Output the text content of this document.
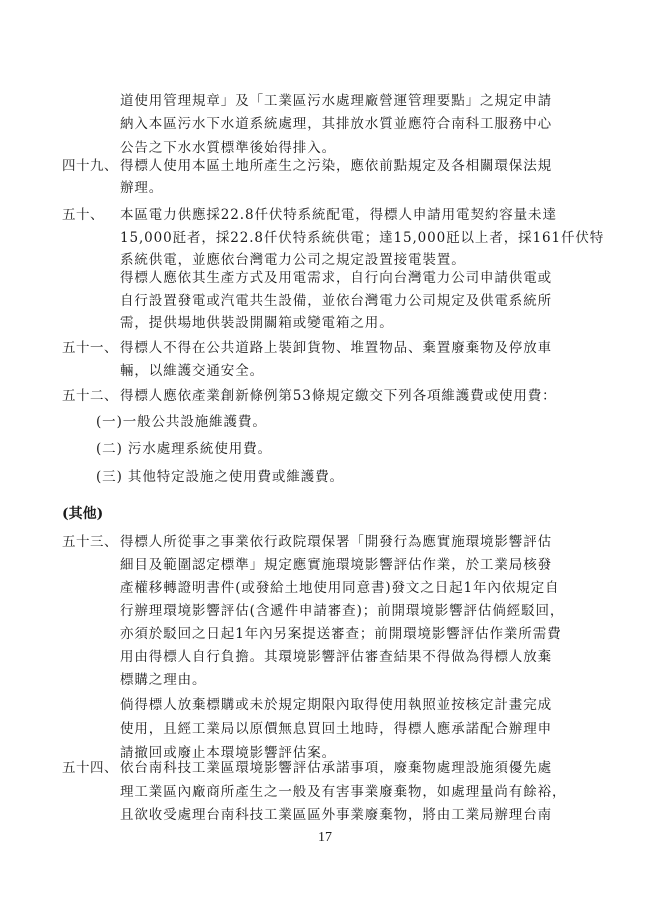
道使用管理規章」及「工業區污水處理廠營運管理要點」之規定申請
納入本區污水下水道系統處理，其排放水質並應符合南科工服務中心
公告之下水水質標準後始得排入。
四十九、 得標人使用本區土地所產生之污染，應依前點規定及各相關環保法規
辦理。
五十、 本區電力供應採22.8仟伏特系統配電，得標人申請用電契約容量未達
15,000瓩者，採22.8仟伏特系統供電；達15,000瓩以上者，採161仟伏特
系統供電，並應依台灣電力公司之規定設置接電裝置。
得標人應依其生產方式及用電需求，自行向台灣電力公司申請供電或
自行設置發電或汽電共生設備，並依台灣電力公司規定及供電系統所
需，提供場地供裝設開關箱或變電箱之用。
五十一、 得標人不得在公共道路上裝卸貨物、堆置物品、棄置廢棄物及停放車
輛，以維護交通安全。
五十二、 得標人應依產業創新條例第53條規定繳交下列各項維護費或使用費：
(一)一般公共設施維護費。
(二) 污水處理系統使用費。
(三) 其他特定設施之使用費或維護費。
(其他)
五十三、 得標人所從事之事業依行政院環保署「開發行為應實施環境影響評估
細目及範圍認定標準」規定應實施環境影響評估作業，於工業局核發
產權移轉證明書件(或發給土地使用同意書)發文之日起1年內依規定自
行辦理環境影響評估(含遞件申請審查)；前開環境影響評估倘經駁回，
亦須於駁回之日起1年內另案提送審查；前開環境影響評估作業所需費
用由得標人自行負擔。其環境影響評估審查結果不得做為得標人放棄
標購之理由。
倘得標人放棄標購或未於規定期限內取得使用執照並按核定計畫完成
使用，且經工業局以原價無息買回土地時，得標人應承諾配合辦理申
請撤回或廢止本環境影響評估案。
五十四、 依台南科技工業區環境影響評估承諾事項，廢棄物處理設施須優先處
理工業區內廠商所產生之一般及有害事業廢棄物，如處理量尚有餘裕，
且欲收受處理台南科技工業區區外事業廢棄物，將由工業局辦理台南
17
